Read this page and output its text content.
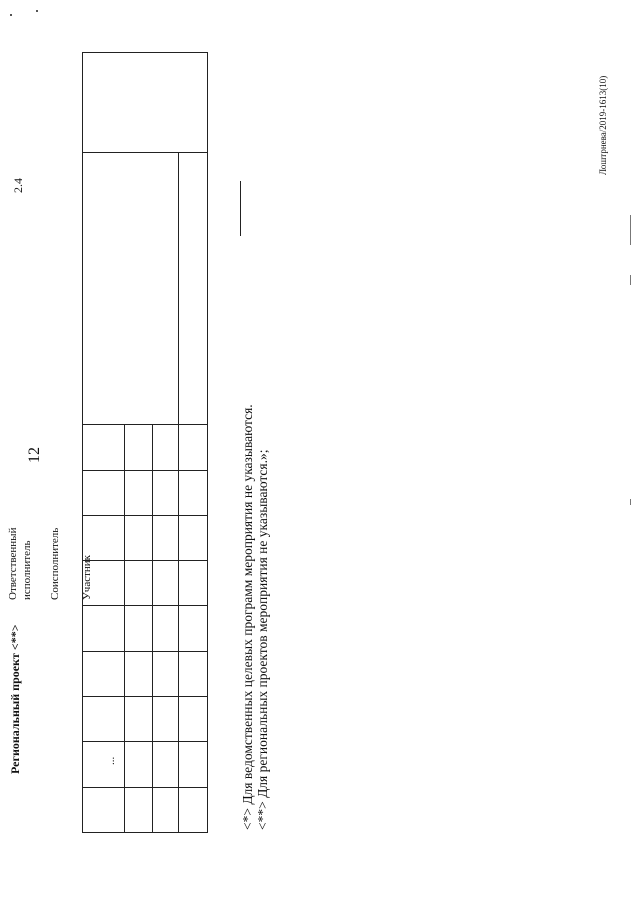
12
2.4
Региональный проект <**>	...
Ответственный исполнитель Соисполнитель Участник	<*> Для ведомственных целевых программ мероприятия не указываются. <**> Для региональных проектов мероприятия не указываются.»;
Лоштрнева/2019-1613(10)
